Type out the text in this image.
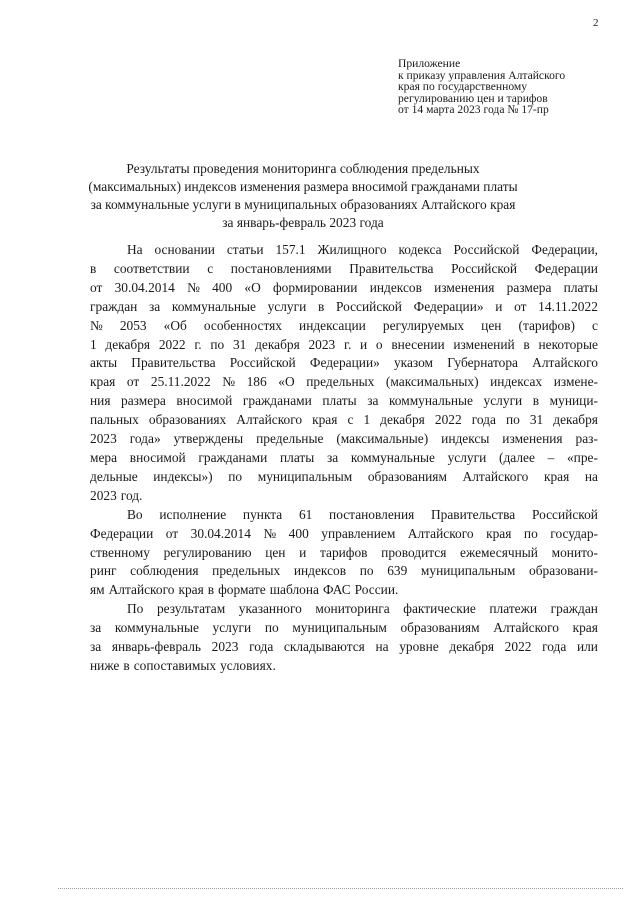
2
Приложение
к приказу управления Алтайского
края по государственному
регулированию цен и тарифов
от 14 марта 2023 года № 17-пр
Результаты проведения мониторинга соблюдения предельных
(максимальных) индексов изменения размера вносимой гражданами платы
за коммунальные услуги в муниципальных образованиях Алтайского края
за январь-февраль 2023 года
На основании статьи 157.1 Жилищного кодекса Российской Федерации,
в соответствии с постановлениями Правительства Российской Федерации
от 30.04.2014 № 400 «О формировании индексов изменения размера платы
граждан за коммунальные услуги в Российской Федерации» и от 14.11.2022
№ 2053 «Об особенностях индексации регулируемых цен (тарифов) с
1 декабря 2022 г. по 31 декабря 2023 г. и о внесении изменений в некоторые
акты Правительства Российской Федерации» указом Губернатора Алтайского
края от 25.11.2022 № 186 «О предельных (максимальных) индексах измене-
ния размера вносимой гражданами платы за коммунальные услуги в муници-
пальных образованиях Алтайского края с 1 декабря 2022 года по 31 декабря
2023 года» утверждены предельные (максимальные) индексы изменения раз-
мера вносимой гражданами платы за коммунальные услуги (далее – «пре-
дельные индексы») по муниципальным образованиям Алтайского края на
2023 год.
Во исполнение пункта 61 постановления Правительства Российской
Федерации от 30.04.2014 № 400 управлением Алтайского края по государ-
ственному регулированию цен и тарифов проводится ежемесячный монито-
ринг соблюдения предельных индексов по 639 муниципальным образовани-
ям Алтайского края в формате шаблона ФАС России.
По результатам указанного мониторинга фактические платежи граждан
за коммунальные услуги по муниципальным образованиям Алтайского края
за январь-февраль 2023 года складываются на уровне декабря 2022 года или
ниже в сопоставимых условиях.
